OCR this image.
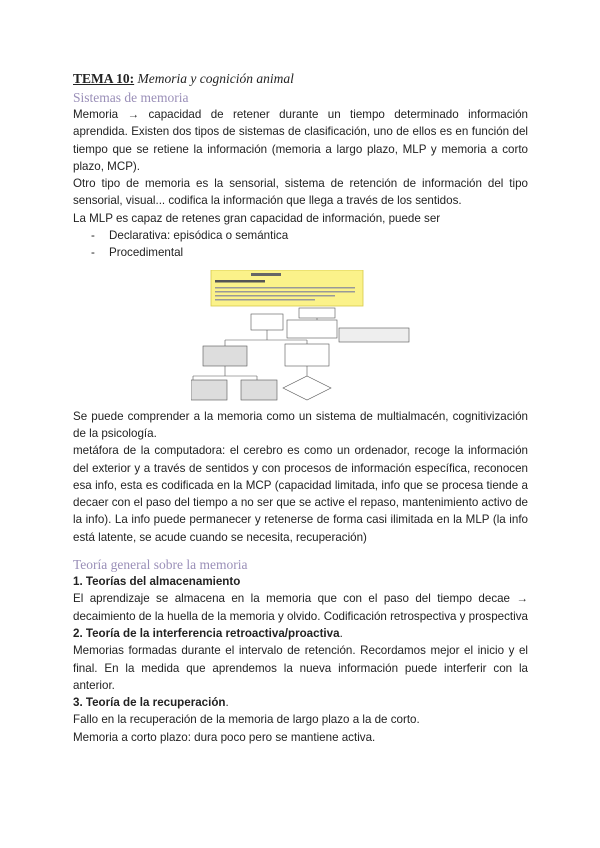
TEMA 10: Memoria y cognición animal
Sistemas de memoria

Memoria → capacidad de retener durante un tiempo determinado información aprendida. Existen dos tipos de sistemas de clasificación, uno de ellos es en función del tiempo que se retiene la información (memoria a largo plazo, MLP y memoria a corto plazo, MCP).

Otro tipo de memoria es la sensorial, sistema de retención de información del tipo sensorial, visual... codifica la información que llega a través de los sentidos.

La MLP es capaz de retenes gran capacidad de información, puede ser

- Declarativa: episódica o semántica
- Procedimental

Se puede comprender a la memoria como un sistema de multialmacén, cognitivización de la psicología.

metáfora de la computadora: el cerebro es como un ordenador, recoge la información del exterior y a través de sentidos y con procesos de información específica, reconocen esa info, esta es codificada en la MCP (capacidad limitada, info que se procesa tiende a decaer con el paso del tiempo a no ser que se active el repaso, mantenimiento activo de la info). La info puede permanecer y retenerse de forma casi ilimitada en la MLP (la info está latente, se acude cuando se necesita, recuperación)

Teoría general sobre la memoria
1. Teorías del almacenamiento

El aprendizaje se almacena en la memoria que con el paso del tiempo decae → decaimiento de la huella de la memoria y olvido. Codificación retrospectiva y prospectiva

2. Teoría de la interferencia retroactiva/proactiva.

Memorias formadas durante el intervalo de retención. Recordamos mejor el inicio y el final. En la medida que aprendemos la nueva información puede interferir con la anterior.

3. Teoría de la recuperación.

Fallo en la recuperación de la memoria de largo plazo a la de corto.

Memoria a corto plazo: dura poco pero se mantiene activa.
